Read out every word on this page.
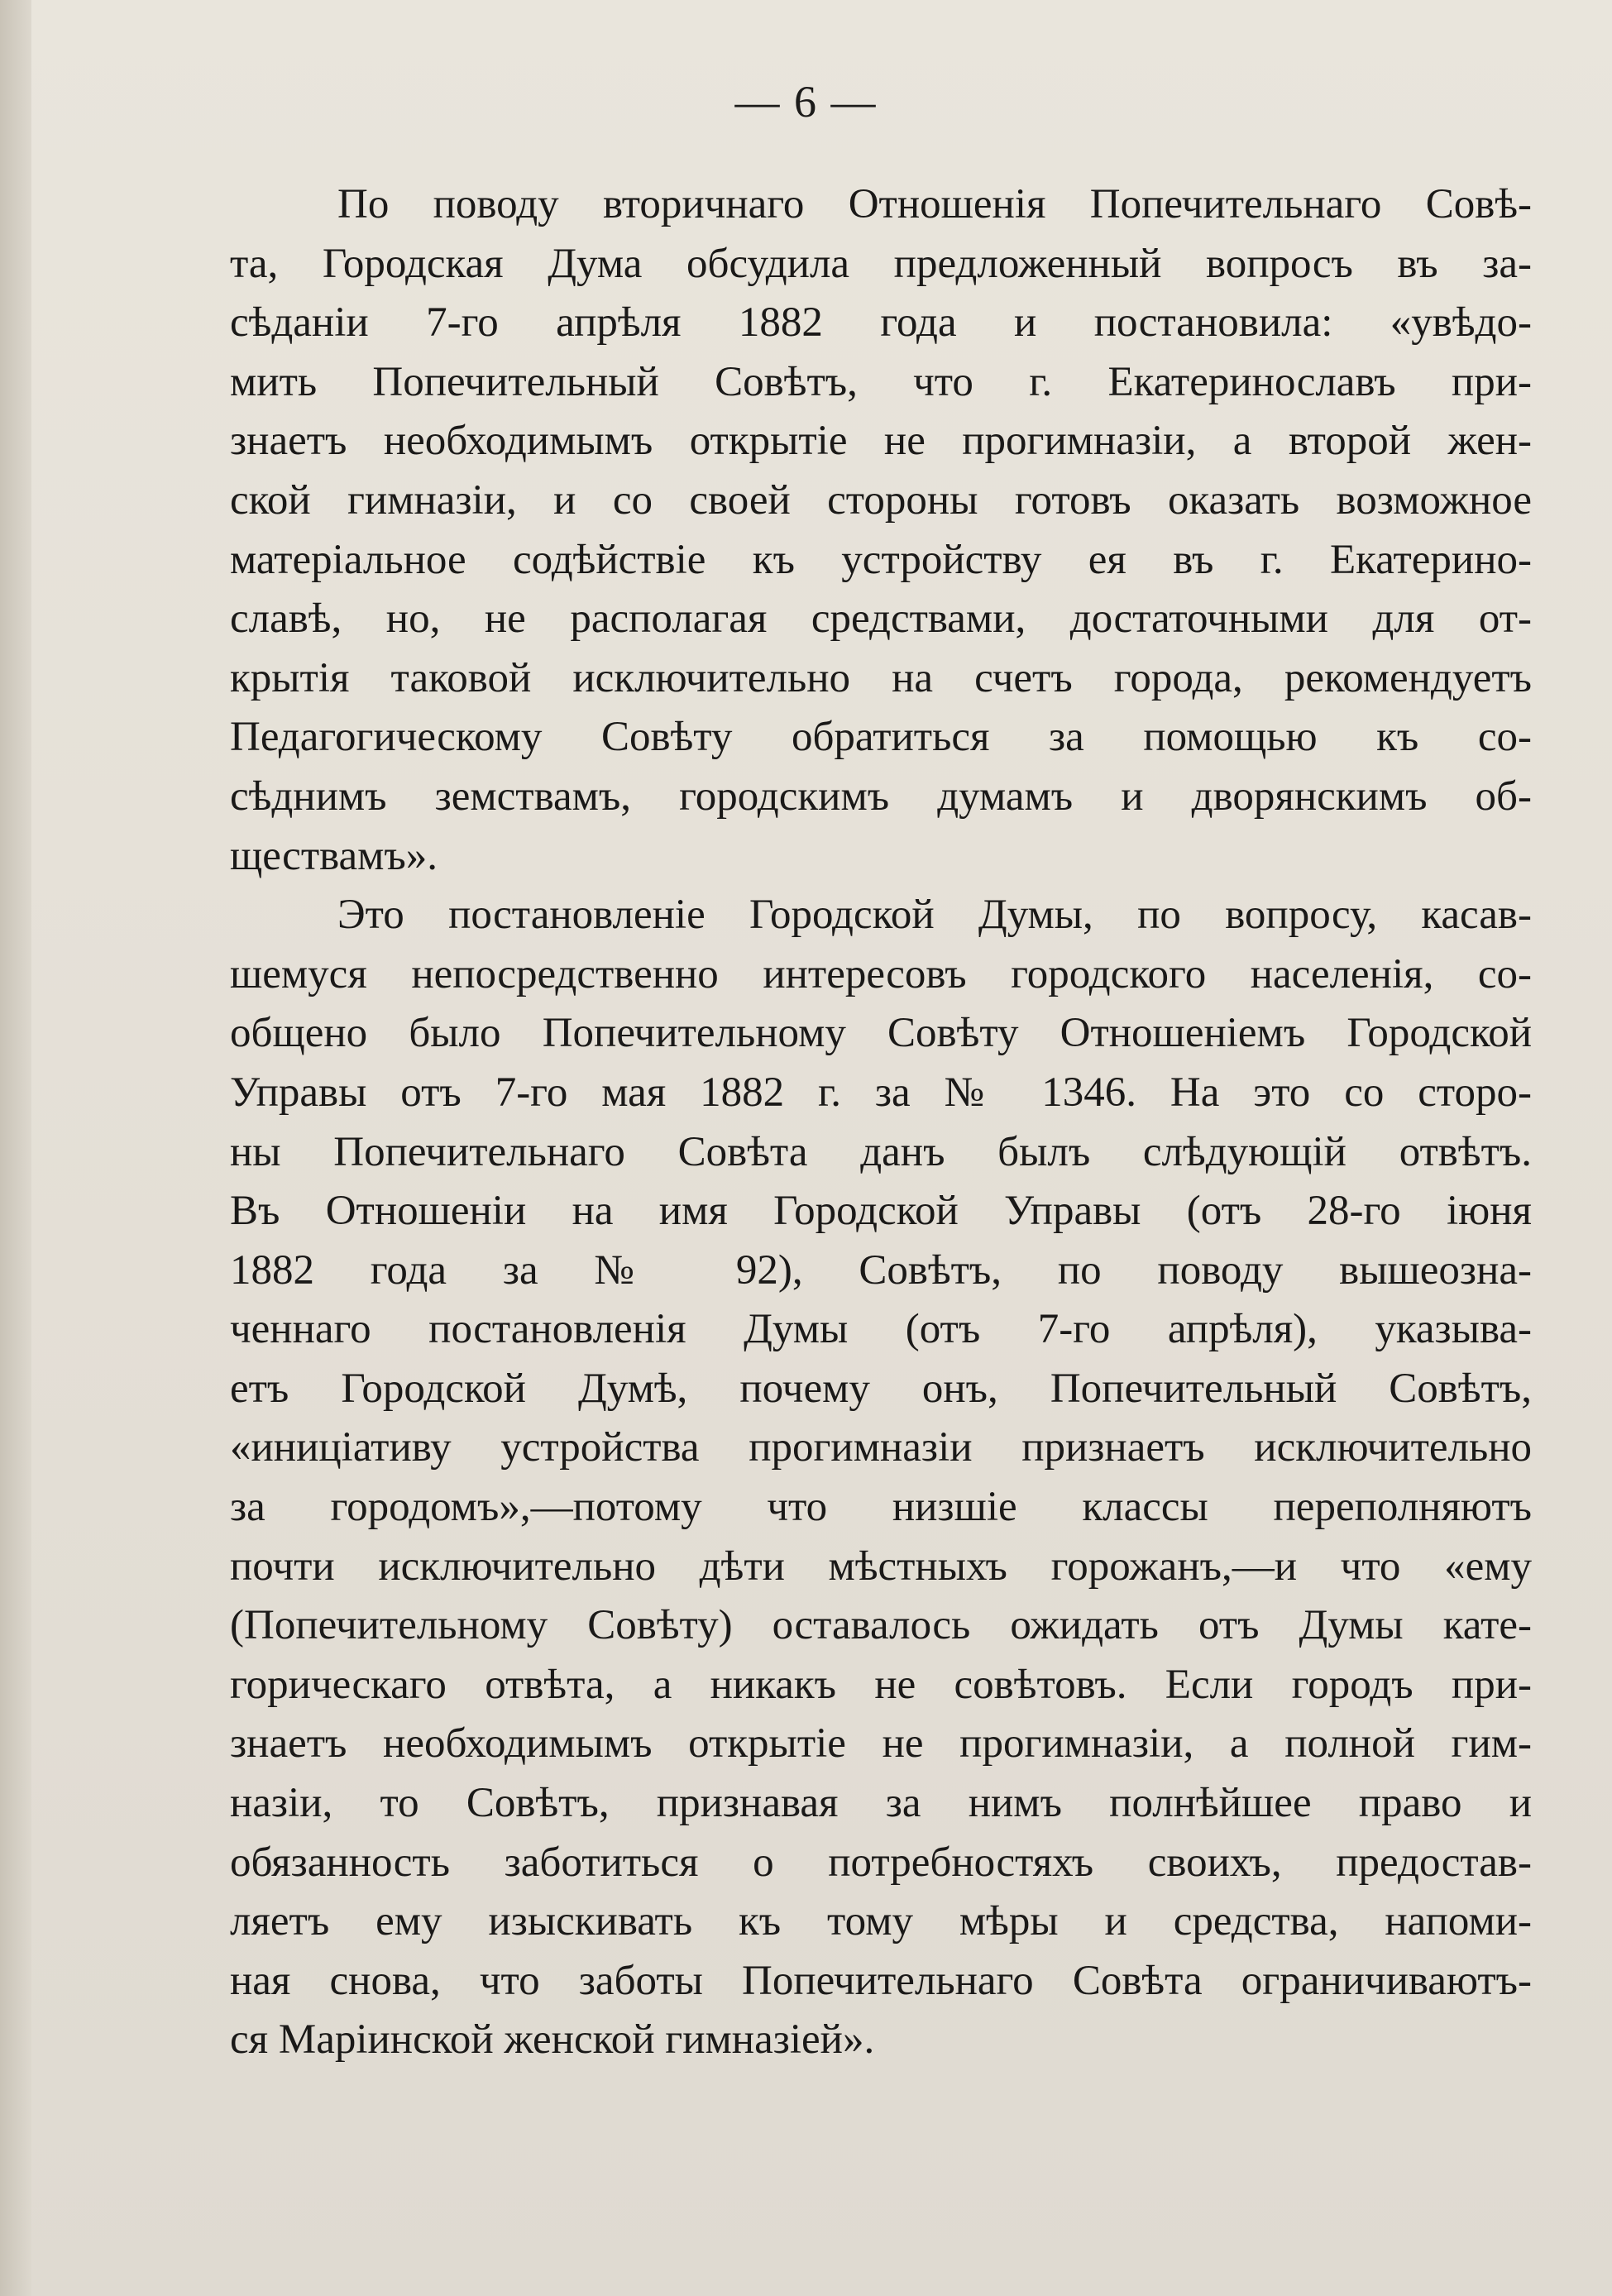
— 6 —
По поводу вторичнаго Отношенія Попечительнаго Совѣ-
та, Городская Дума обсудила предложенный вопросъ въ за-
сѣданіи 7-го апрѣля 1882 года и постановила: «увѣдо-
мить Попечительный Совѣтъ, что г. Екатеринославъ при-
знаетъ необходимымъ открытіе не прогимназіи, а второй жен-
ской гимназіи, и со своей стороны готовъ оказать возможное
матеріальное содѣйствіе къ устройству ея въ г. Екатерино-
славѣ, но, не располагая средствами, достаточными для от-
крытія таковой исключительно на счетъ города, рекомендуетъ
Педагогическому Совѣту обратиться за помощью къ со-
сѣднимъ земствамъ, городскимъ думамъ и дворянскимъ об-
ществамъ».
Это постановленіе Городской Думы, по вопросу, касав-
шемуся непосредственно интересовъ городского населенія, со-
общено было Попечительному Совѣту Отношеніемъ Городской
Управы отъ 7-го мая 1882 г. за № 1346. На это со сторо-
ны Попечительнаго Совѣта данъ былъ слѣдующій отвѣтъ.
Въ Отношеніи на имя Городской Управы (отъ 28-го іюня
1882 года за № 92), Совѣтъ, по поводу вышеозна-
ченнаго постановленія Думы (отъ 7-го апрѣля), указыва-
етъ Городской Думѣ, почему онъ, Попечительный Совѣтъ,
«иниціативу устройства прогимназіи признаетъ исключительно
за городомъ»,—потому что низшіе классы переполняютъ
почти исключительно дѣти мѣстныхъ горожанъ,—и что «ему
(Попечительному Совѣту) оставалось ожидать отъ Думы кате-
горическаго отвѣта, а никакъ не совѣтовъ. Если городъ при-
знаетъ необходимымъ открытіе не прогимназіи, а полной гим-
назіи, то Совѣтъ, признавая за нимъ полнѣйшее право и
обязанность заботиться о потребностяхъ своихъ, предостав-
ляетъ ему изыскивать къ тому мѣры и средства, напоми-
ная снова, что заботы Попечительнаго Совѣта ограничиваютъ-
ся Маріинской женской гимназіей».
